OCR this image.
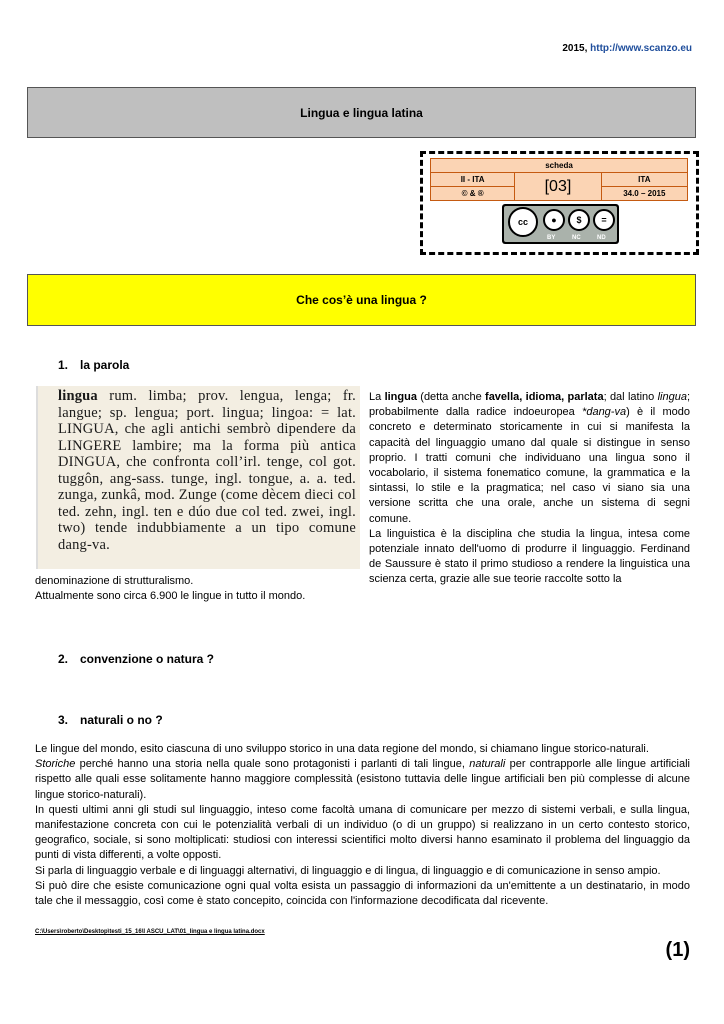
2015, http://www.scanzo.eu
Lingua e lingua latina
scheda		
II - ITA	[03]	ITA
© & ®		34.0 – 2015
cc	●	$	=
BY	NC	ND
Che cos’è una lingua ?
1. la parola
lingua rum. limba; prov. lengua, lenga; fr. langue; sp. lengua; port. lingua; lingoa: = lat. LINGUA, che agli antichi sembrò dipendere da LINGERE lambire; ma la forma più antica DINGUA, che confronta coll’irl. tenge, col got. tuggôn, ang-sass. tunge, ingl. tongue, a. a. ted. zunga, zunkâ, mod. Zunge (come dècem dieci col ted. zehn, ingl. ten e dúo due col ted. zwei, ingl. two) tende indubbiamente a un tipo comune dang-va.
La lingua (detta anche favella, idioma, parlata; dal latino lingua; probabilmente dalla radice indoeuropea *dang-va) è il modo concreto e determinato storicamente in cui si manifesta la capacità del linguaggio umano dal quale si distingue in senso proprio. I tratti comuni che individuano una lingua sono il vocabolario, il sistema fonematico comune, la grammatica e la sintassi, lo stile e la pragmatica; nel caso vi siano sia una versione scritta che una orale, anche un sistema di segni comune.
La linguistica è la disciplina che studia la lingua, intesa come potenziale innato dell'uomo di produrre il linguaggio. Ferdinand de Saussure è stato il primo studioso a rendere la linguistica una scienza certa, grazie alle sue teorie raccolte sotto la
denominazione di strutturalismo.
Attualmente sono circa 6.900 le lingue in tutto il mondo.
2. convenzione o natura ?
3. naturali o no ?
Le lingue del mondo, esito ciascuna di uno sviluppo storico in una data regione del mondo, si chiamano lingue storico-naturali.
Storiche perché hanno una storia nella quale sono protagonisti i parlanti di tali lingue, naturali per contrapporle alle lingue artificiali rispetto alle quali esse solitamente hanno maggiore complessità (esistono tuttavia delle lingue artificiali ben più complesse di alcune lingue storico-naturali).
In questi ultimi anni gli studi sul linguaggio, inteso come facoltà umana di comunicare per mezzo di sistemi verbali, e sulla lingua, manifestazione concreta con cui le potenzialità verbali di un individuo (o di un gruppo) si realizzano in un certo contesto storico, geografico, sociale, si sono moltiplicati: studiosi con interessi scientifici molto diversi hanno esaminato il problema del linguaggio da punti di vista differenti, a volte opposti.
Si parla di linguaggio verbale e di linguaggi alternativi, di linguaggio e di lingua, di linguaggio e di comunicazione in senso ampio.
Si può dire che esiste comunicazione ogni qual volta esista un passaggio di informazioni da un'emittente a un destinatario, in modo tale che il messaggio, così come è stato concepito, coincida con l'informazione decodificata dal ricevente.
C:\Users\roberto\Desktop\testi_15_16\I ASCU_LAT\01_lingua e lingua latina.docx
(1)
